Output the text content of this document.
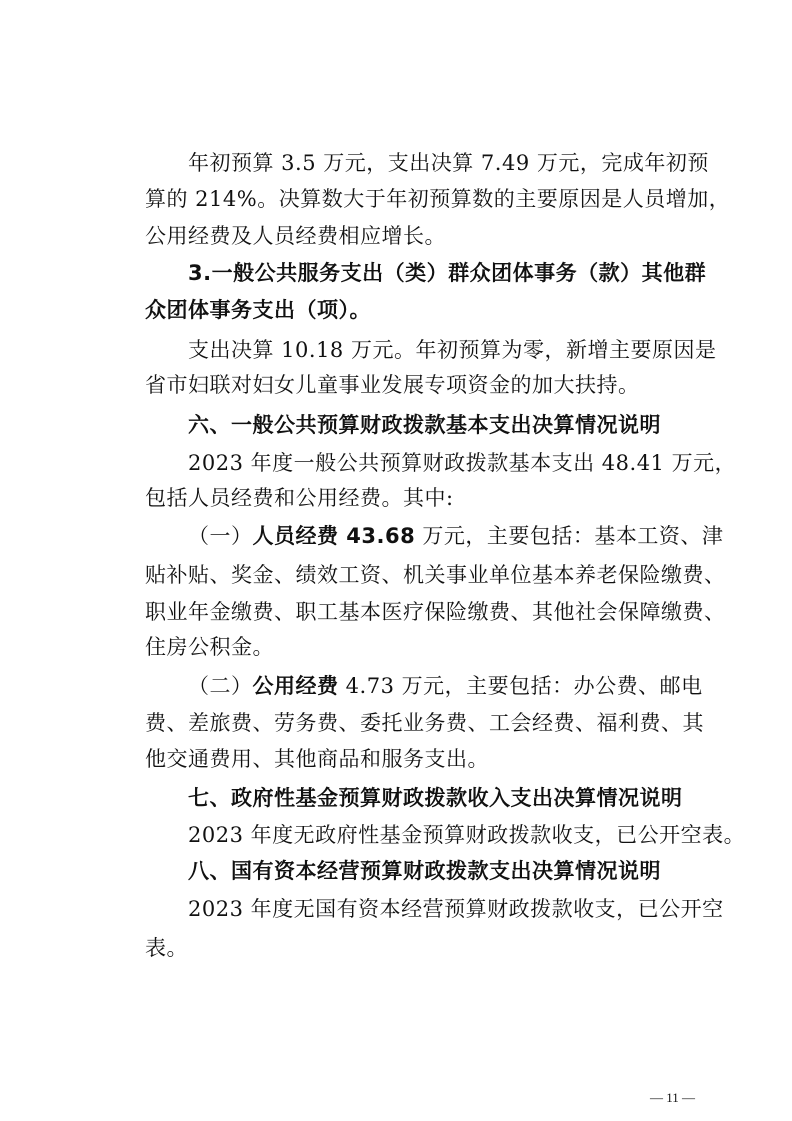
年初预算 3.5 万元，支出决算 7.49 万元，完成年初预
算的 214%。决算数大于年初预算数的主要原因是人员增加，
公用经费及人员经费相应增长。
3.一般公共服务支出（类）群众团体事务（款）其他群
众团体事务支出（项）。
支出决算 10.18 万元。年初预算为零，新增主要原因是
省市妇联对妇女儿童事业发展专项资金的加大扶持。
六、一般公共预算财政拨款基本支出决算情况说明
2023 年度一般公共预算财政拨款基本支出 48.41 万元，
包括人员经费和公用经费。其中:
（一）人员经费 43.68 万元，主要包括：基本工资、津
贴补贴、奖金、绩效工资、机关事业单位基本养老保险缴费、
职业年金缴费、职工基本医疗保险缴费、其他社会保障缴费、
住房公积金。
（二）公用经费 4.73 万元，主要包括：办公费、邮电
费、差旅费、劳务费、委托业务费、工会经费、福利费、其
他交通费用、其他商品和服务支出。
七、政府性基金预算财政拨款收入支出决算情况说明
2023 年度无政府性基金预算财政拨款收支，已公开空表。
八、国有资本经营预算财政拨款支出决算情况说明
2023 年度无国有资本经营预算财政拨款收支，已公开空
表。
— 11 —
